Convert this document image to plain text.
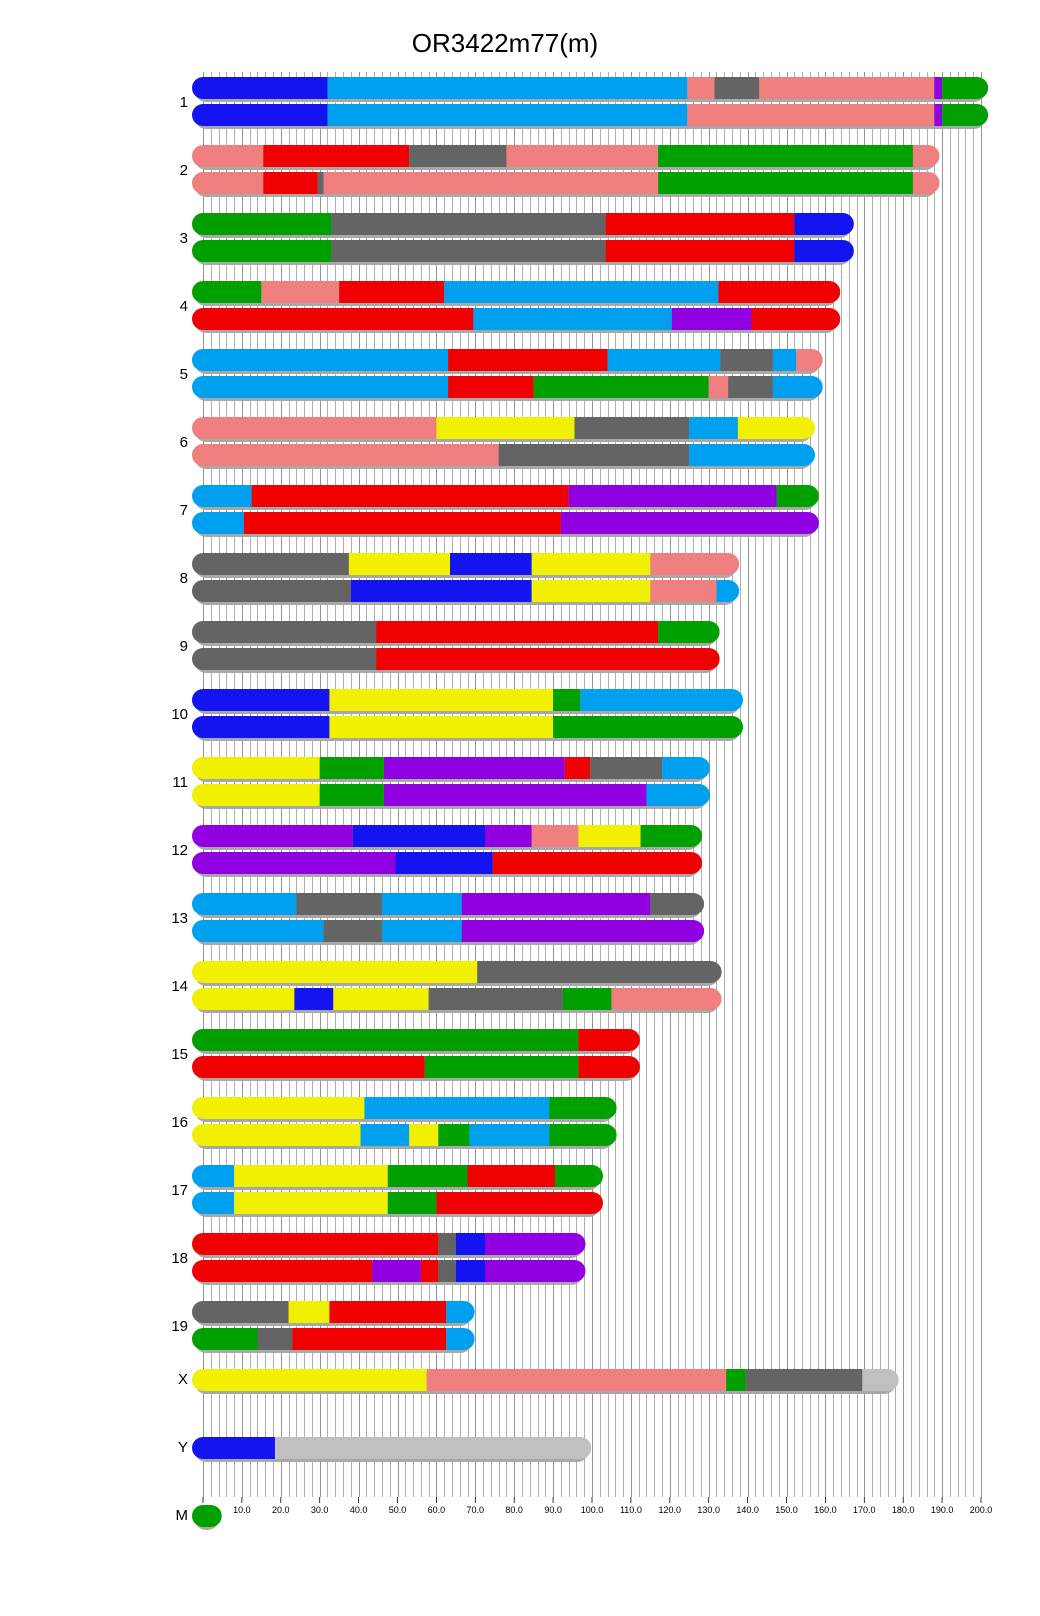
OR3422m77(m)
10.0 20.0 30.0 40.0 50.0 60.0 70.0 80.0 90.0 100.0 110.0 120.0 130.0 140.0 150.0 160.0 170.0 180.0 190.0 200.0
1
2
3
4
5
6
7
8
9
10
11
12
13
14
15
16
17
18
19
X
Y
M
